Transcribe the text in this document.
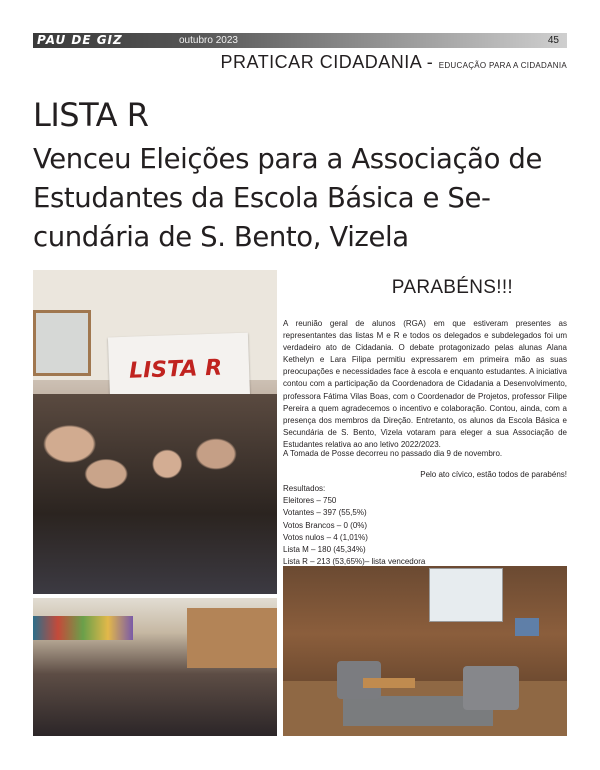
PAU DE GIZ	outubro 2023	45
PRATICAR CIDADANIA - EDUCAÇÃO PARA A CIDADANIA
LISTA R
Venceu Eleições para a Associação de Estudantes da Escola Básica e Se-cundária de S. Bento, Vizela
LISTA R
PARABÉNS!!!

A reunião geral de alunos (RGA) em que estiveram presentes as representantes das listas M e R e todos os delegados e subdelegados foi um verdadeiro ato de Cidadania. O debate protagonizado pelas alunas Alana Kethelyn e Lara Filipa permitiu expressarem em primeira mão as suas preocupações e necessidades face à escola e enquanto estudantes. A iniciativa contou com a participação da Coordenadora de Cidadania a Desenvolvimento, professora Fátima Vilas Boas, com o Coordenador de Projetos, professor Filipe Pereira a quem agradecemos o incentivo e colaboração. Contou, ainda, com a presença dos membros da Direção. Entretanto, os alunos da Escola Básica e Secundária de S. Bento, Vizela votaram para eleger a sua Associação de Estudantes relativa ao ano letivo 2022/2023.

A Tomada de Posse decorreu no passado dia 9 de novembro.

Pelo ato cívico, estão todos de parabéns!

Resultados:
Eleitores – 750
Votantes – 397 (55,5%)
Votos Brancos – 0 (0%)
Votos nulos – 4 (1,01%)
Lista M – 180 (45,34%)
Lista R – 213 (53,65%)– lista vencedora
